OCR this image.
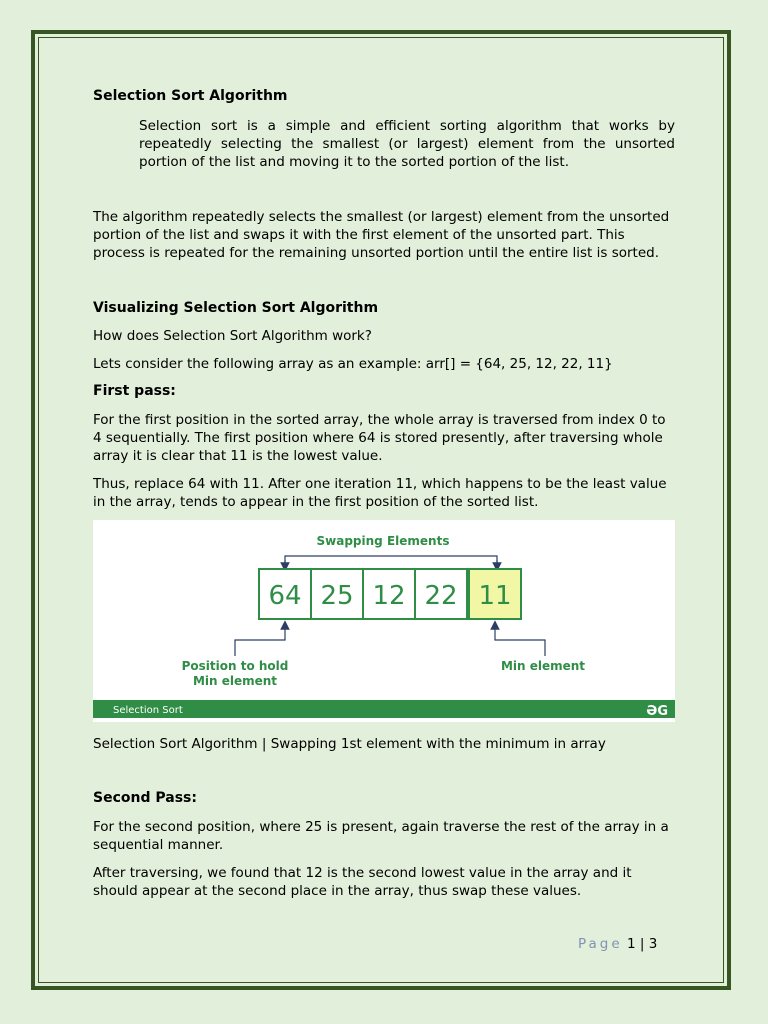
Selection Sort Algorithm

Selection sort is a simple and efficient sorting algorithm that works by repeatedly selecting the smallest (or largest) element from the unsorted portion of the list and moving it to the sorted portion of the list.

The algorithm repeatedly selects the smallest (or largest) element from the unsorted portion of the list and swaps it with the first element of the unsorted part. This process is repeated for the remaining unsorted portion until the entire list is sorted.

Visualizing Selection Sort Algorithm

How does Selection Sort Algorithm work?

Lets consider the following array as an example: arr[] = {64, 25, 12, 22, 11}

First pass:

For the first position in the sorted array, the whole array is traversed from index 0 to 4 sequentially. The first position where 64 is stored presently, after traversing whole array it is clear that 11 is the lowest value.

Thus, replace 64 with 11. After one iteration 11, which happens to be the least value in the array, tends to appear in the first position of the sorted list.

Swapping Elements
64 25 12 22 11
Position to hold
Min element
Min element
Selection Sort	ƏG

Selection Sort Algorithm | Swapping 1st element with the minimum in array

Second Pass:

For the second position, where 25 is present, again traverse the rest of the array in a sequential manner.

After traversing, we found that 12 is the second lowest value in the array and it should appear at the second place in the array, thus swap these values.

Page 1 | 3
